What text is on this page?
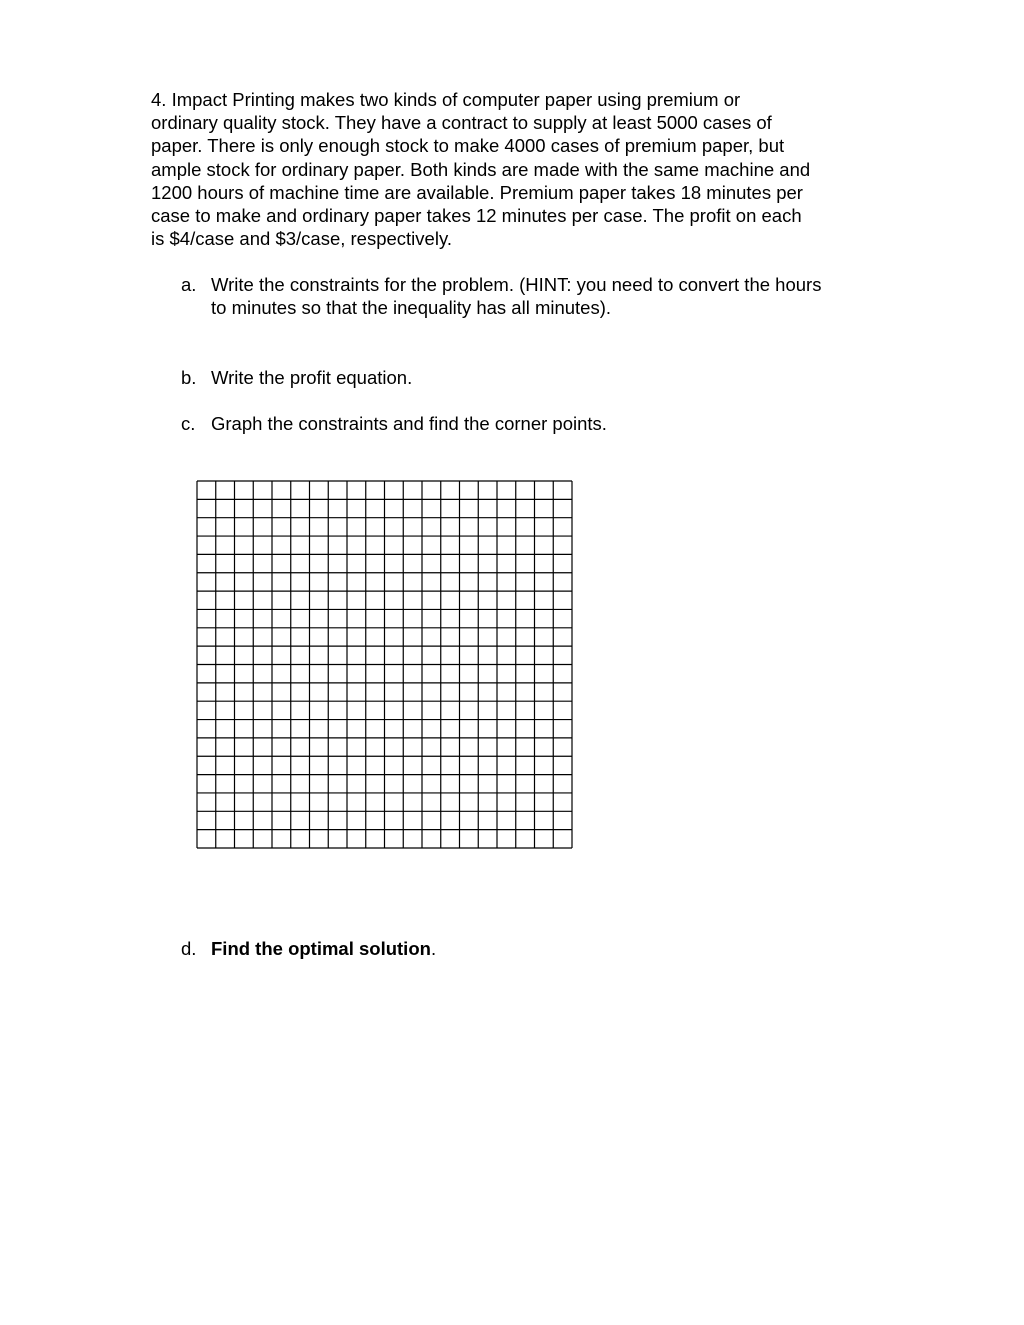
4. Impact Printing makes two kinds of computer paper using premium or
ordinary quality stock. They have a contract to supply at least 5000 cases of
paper. There is only enough stock to make 4000 cases of premium paper, but
ample stock for ordinary paper. Both kinds are made with the same machine and
1200 hours of machine time are available. Premium paper takes 18 minutes per
case to make and ordinary paper takes 12 minutes per case. The profit on each
is $4/case and $3/case, respectively.

a. Write the constraints for the problem. (HINT: you need to convert the hours to minutes so that the inequality has all minutes).
b. Write the profit equation.
c. Graph the constraints and find the corner points.
d. Find the optimal solution.
